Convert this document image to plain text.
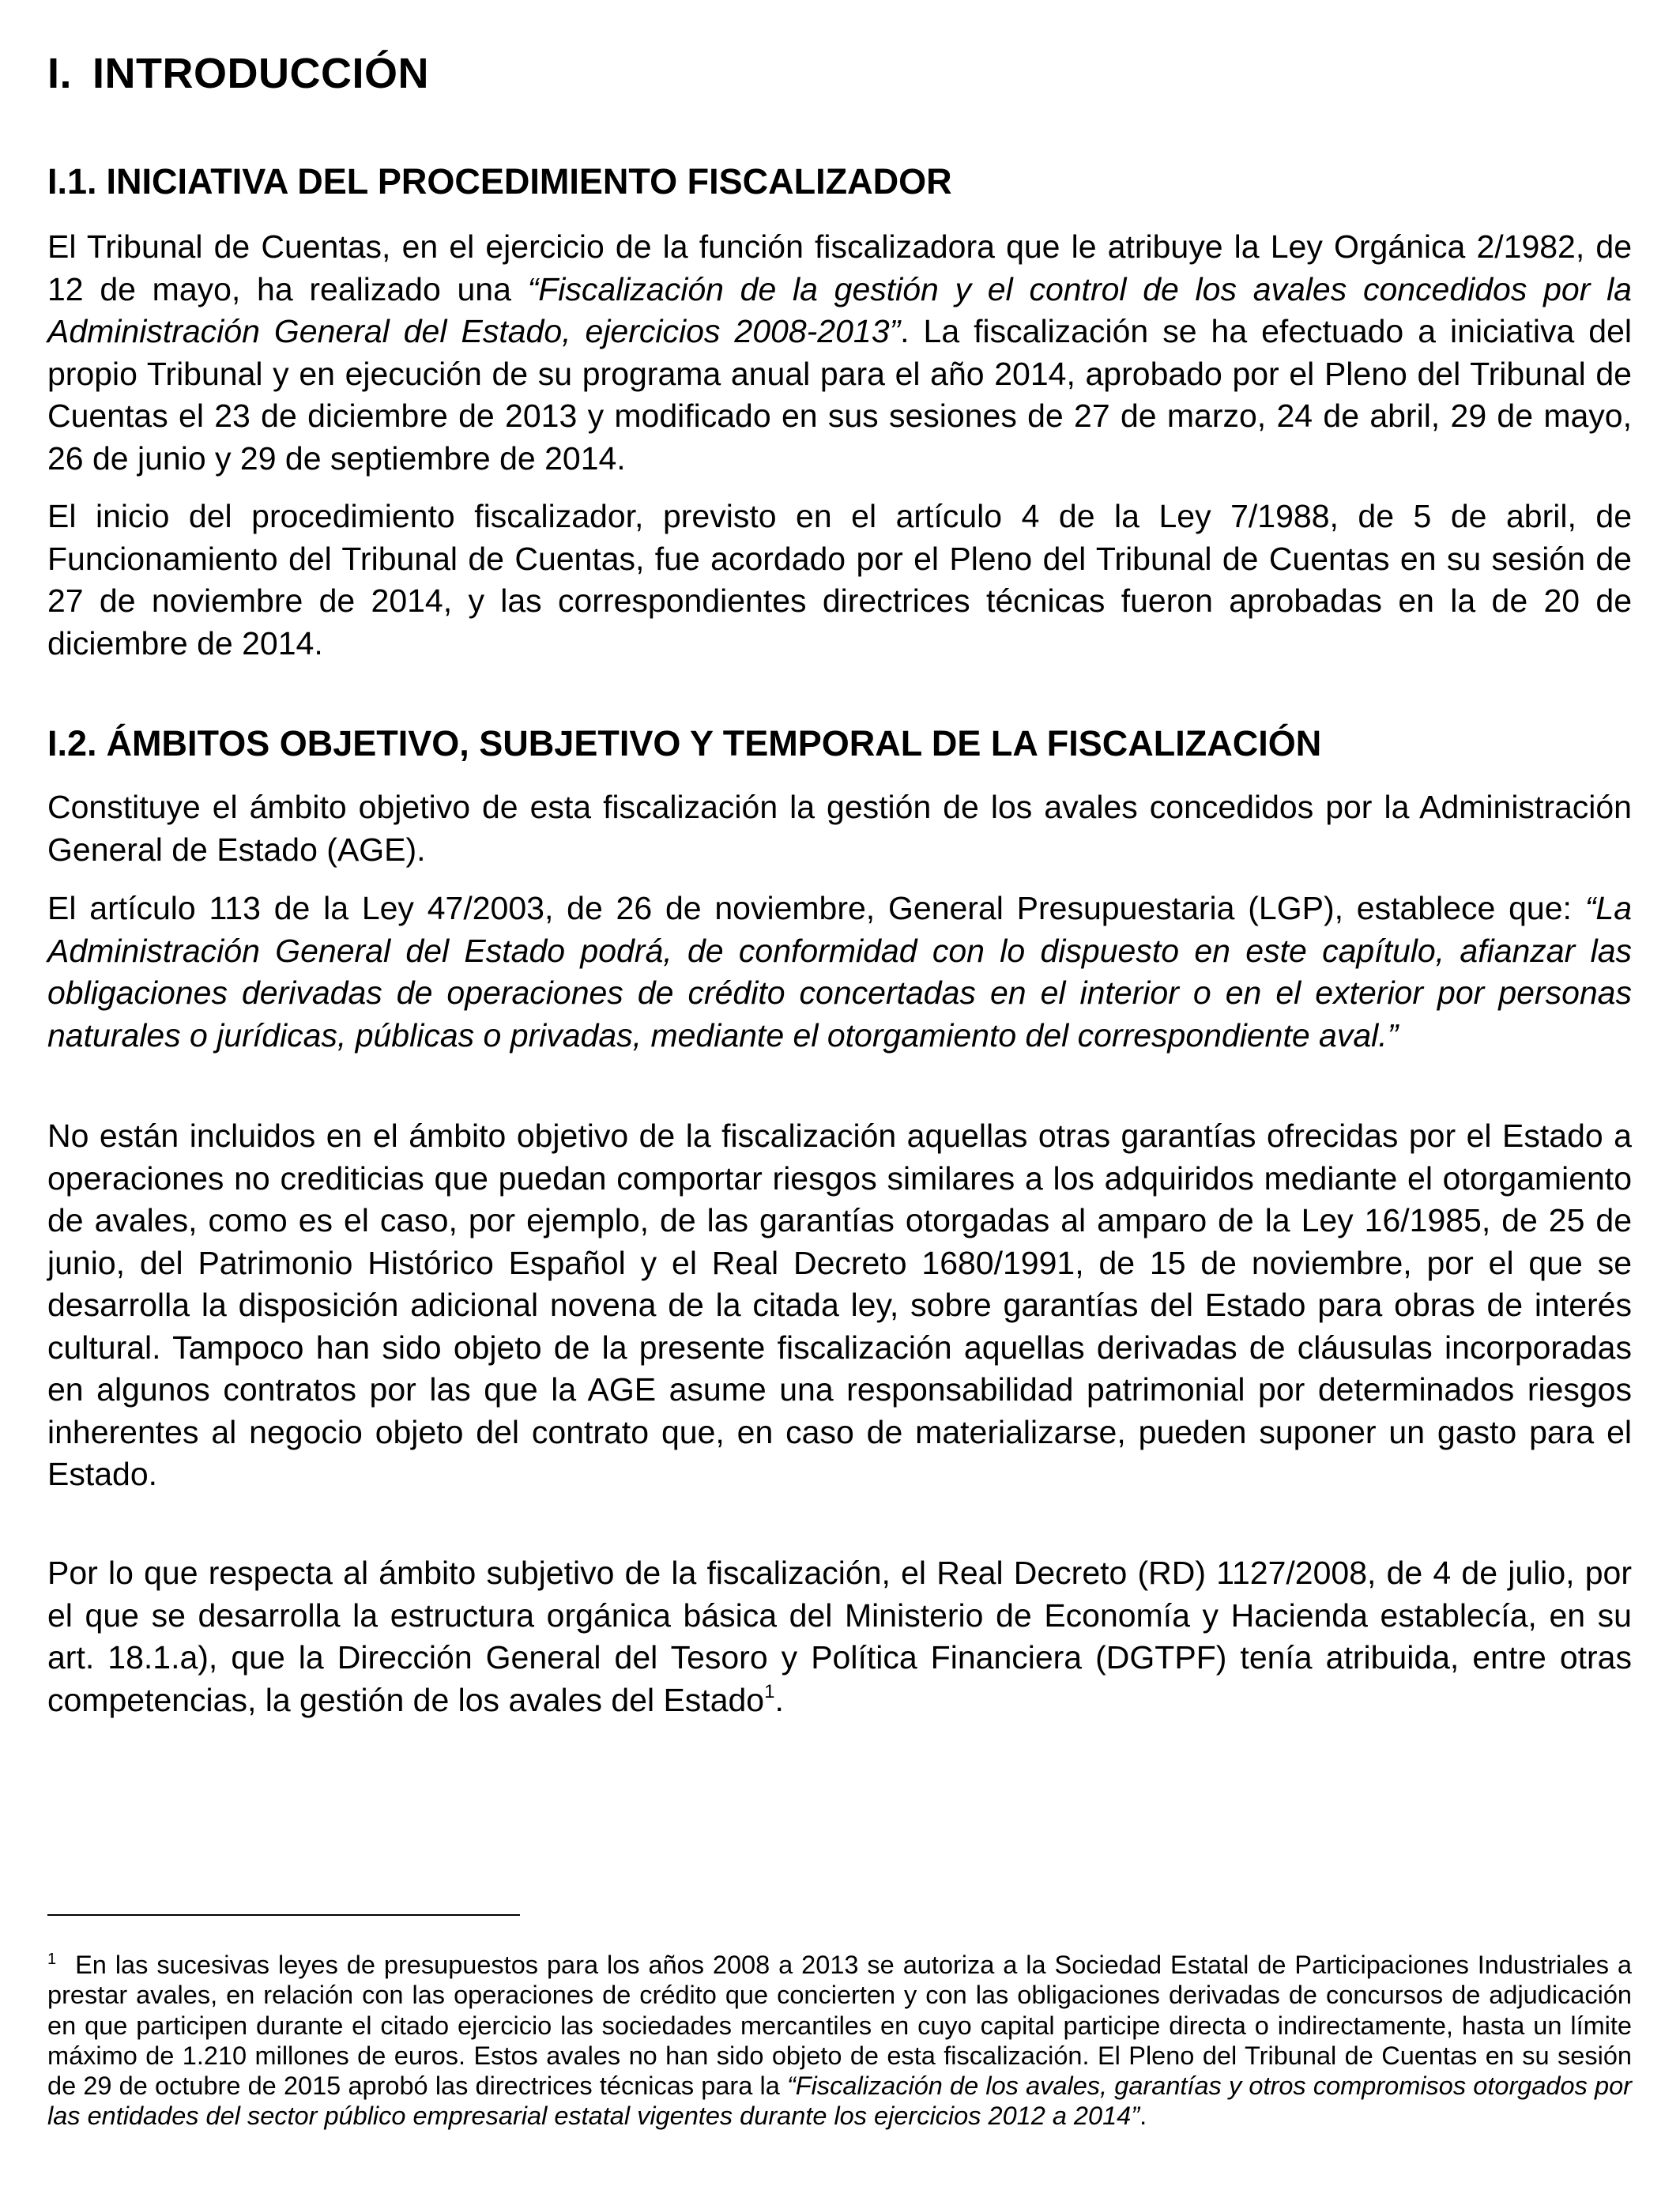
I. INTRODUCCIÓN
I.1. INICIATIVA DEL PROCEDIMIENTO FISCALIZADOR

El Tribunal de Cuentas, en el ejercicio de la función fiscalizadora que le atribuye la Ley Orgánica 2/1982, de 12 de mayo, ha realizado una “Fiscalización de la gestión y el control de los avales concedidos por la Administración General del Estado, ejercicios 2008-2013”. La fiscalización se ha efectuado a iniciativa del propio Tribunal y en ejecución de su programa anual para el año 2014, aprobado por el Pleno del Tribunal de Cuentas el 23 de diciembre de 2013 y modificado en sus sesiones de 27 de marzo, 24 de abril, 29 de mayo, 26 de junio y 29 de septiembre de 2014.

El inicio del procedimiento fiscalizador, previsto en el artículo 4 de la Ley 7/1988, de 5 de abril, de Funcionamiento del Tribunal de Cuentas, fue acordado por el Pleno del Tribunal de Cuentas en su sesión de 27 de noviembre de 2014, y las correspondientes directrices técnicas fueron aprobadas en la de 20 de diciembre de 2014.

I.2. ÁMBITOS OBJETIVO, SUBJETIVO Y TEMPORAL DE LA FISCALIZACIÓN

Constituye el ámbito objetivo de esta fiscalización la gestión de los avales concedidos por la Administración General de Estado (AGE).

El artículo 113 de la Ley 47/2003, de 26 de noviembre, General Presupuestaria (LGP), establece que: “La Administración General del Estado podrá, de conformidad con lo dispuesto en este capítulo, afianzar las obligaciones derivadas de operaciones de crédito concertadas en el interior o en el exterior por personas naturales o jurídicas, públicas o privadas, mediante el otorgamiento del correspondiente aval.”

No están incluidos en el ámbito objetivo de la fiscalización aquellas otras garantías ofrecidas por el Estado a operaciones no crediticias que puedan comportar riesgos similares a los adquiridos mediante el otorgamiento de avales, como es el caso, por ejemplo, de las garantías otorgadas al amparo de la Ley 16/1985, de 25 de junio, del Patrimonio Histórico Español y el Real Decreto 1680/1991, de 15 de noviembre, por el que se desarrolla la disposición adicional novena de la citada ley, sobre garantías del Estado para obras de interés cultural. Tampoco han sido objeto de la presente fiscalización aquellas derivadas de cláusulas incorporadas en algunos contratos por las que la AGE asume una responsabilidad patrimonial por determinados riesgos inherentes al negocio objeto del contrato que, en caso de materializarse, pueden suponer un gasto para el Estado.

Por lo que respecta al ámbito subjetivo de la fiscalización, el Real Decreto (RD) 1127/2008, de 4 de julio, por el que se desarrolla la estructura orgánica básica del Ministerio de Economía y Hacienda establecía, en su art. 18.1.a), que la Dirección General del Tesoro y Política Financiera (DGTPF) tenía atribuida, entre otras competencias, la gestión de los avales del Estado$^1$.

$^1$ En las sucesivas leyes de presupuestos para los años 2008 a 2013 se autoriza a la Sociedad Estatal de Participaciones Industriales a prestar avales, en relación con las operaciones de crédito que concierten y con las obligaciones derivadas de concursos de adjudicación en que participen durante el citado ejercicio las sociedades mercantiles en cuyo capital participe directa o indirectamente, hasta un límite máximo de 1.210 millones de euros. Estos avales no han sido objeto de esta fiscalización. El Pleno del Tribunal de Cuentas en su sesión de 29 de octubre de 2015 aprobó las directrices técnicas para la “Fiscalización de los avales, garantías y otros compromisos otorgados por las entidades del sector público empresarial estatal vigentes durante los ejercicios 2012 a 2014”.
